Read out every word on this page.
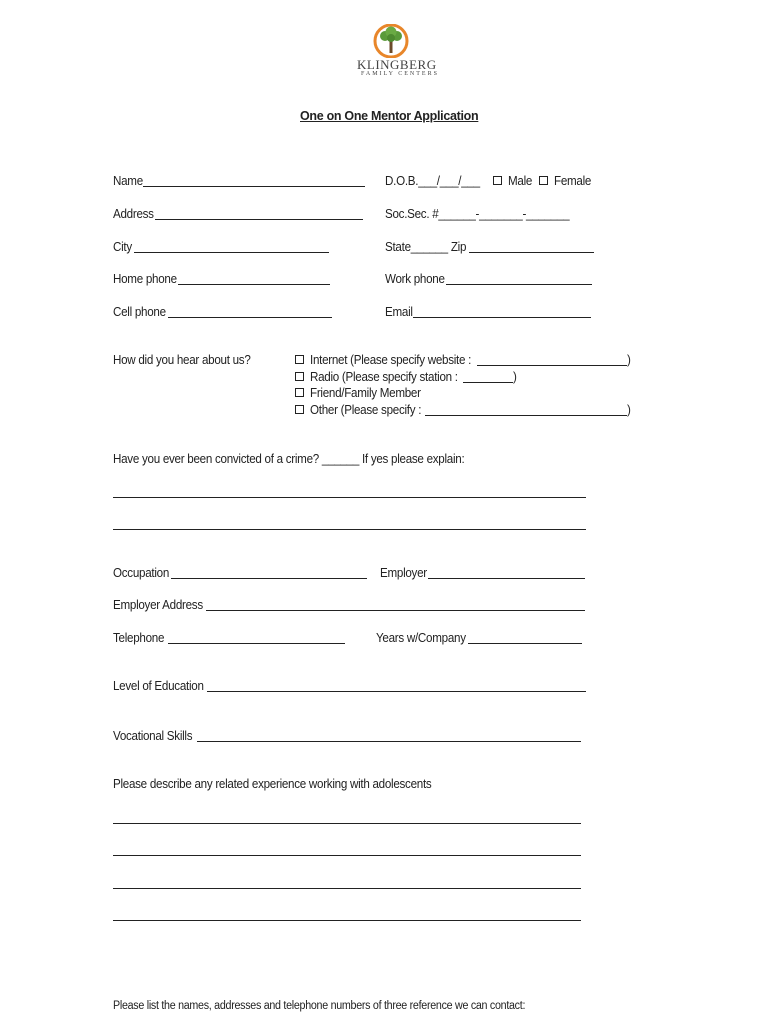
KLINGBERG
FAMILY CENTERS
One on One Mentor Application
Name	D.O.B.___/___/___ Male Female
Address	Soc.Sec. #______-_______-_______
City	State______ Zip
Home phone	Work phone
Cell phone	Email
How did you hear about us?	Internet (Please specify website :	)
Radio (Please specify station :	)
Friend/Family Member
Other (Please specify :	)
Have you ever been convicted of a crime? ______ If yes please explain:
Occupation	Employer
Employer Address
Telephone	Years w/Company
Level of Education
Vocational Skills
Please describe any related experience working with adolescents
Please list the names, addresses and telephone numbers of three reference we can contact:
